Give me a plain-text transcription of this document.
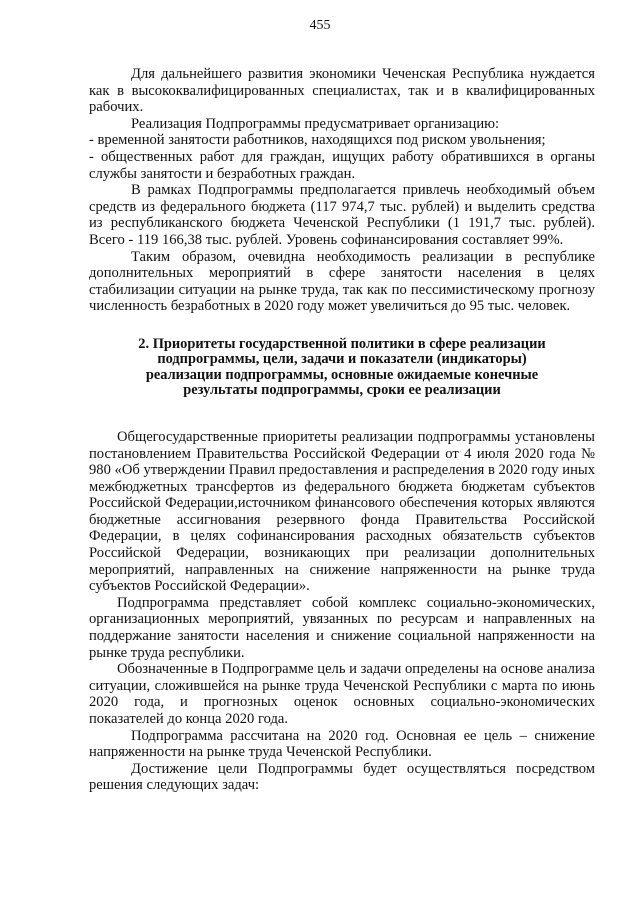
455

Для дальнейшего развития экономики Чеченская Республика нуждается как в высококвалифицированных специалистах, так и в квалифицированных рабочих.

Реализация Подпрограммы предусматривает организацию:

- временной занятости работников, находящихся под риском увольнения;

- общественных работ для граждан, ищущих работу обратившихся в органы службы занятости и безработных граждан.

В рамках Подпрограммы предполагается привлечь необходимый объем средств из федерального бюджета (117 974,7 тыс. рублей) и выделить средства из республиканского бюджета Чеченской Республики (1 191,7 тыс. рублей). Всего - 119 166,38 тыс. рублей. Уровень софинансирования составляет 99%.

Таким образом, очевидна необходимость реализации в республике дополнительных мероприятий в сфере занятости населения в целях стабилизации ситуации на рынке труда, так как по пессимистическому прогнозу численность безработных в 2020 году может увеличиться до 95 тыс. человек.

2. Приоритеты государственной политики в сфере реализации
подпрограммы, цели, задачи и показатели (индикаторы)
реализации подпрограммы, основные ожидаемые конечные
результаты подпрограммы, сроки ее реализации

Общегосударственные приоритеты реализации подпрограммы установлены постановлением Правительства Российской Федерации от 4 июля 2020 года № 980 «Об утверждении Правил предоставления и распределения в 2020 году иных межбюджетных трансфертов из федерального бюджета бюджетам субъектов Российской Федерации,источником финансового обеспечения которых являются бюджетные ассигнования резервного фонда Правительства Российской Федерации, в целях софинансирования расходных обязательств субъектов Российской Федерации, возникающих при реализации дополнительных мероприятий, направленных на снижение напряженности на рынке труда субъектов Российской Федерации».

Подпрограмма представляет собой комплекс социально-экономических, организационных мероприятий, увязанных по ресурсам и направленных на поддержание занятости населения и снижение социальной напряженности на рынке труда республики.

Обозначенные в Подпрограмме цель и задачи определены на основе анализа ситуации, сложившейся на рынке труда Чеченской Республики с марта по июнь 2020 года, и прогнозных оценок основных социально-экономических показателей до конца 2020 года.

Подпрограмма рассчитана на 2020 год. Основная ее цель – снижение напряженности на рынке труда Чеченской Республики.

Достижение цели Подпрограммы будет осуществляться посредством решения следующих задач:
